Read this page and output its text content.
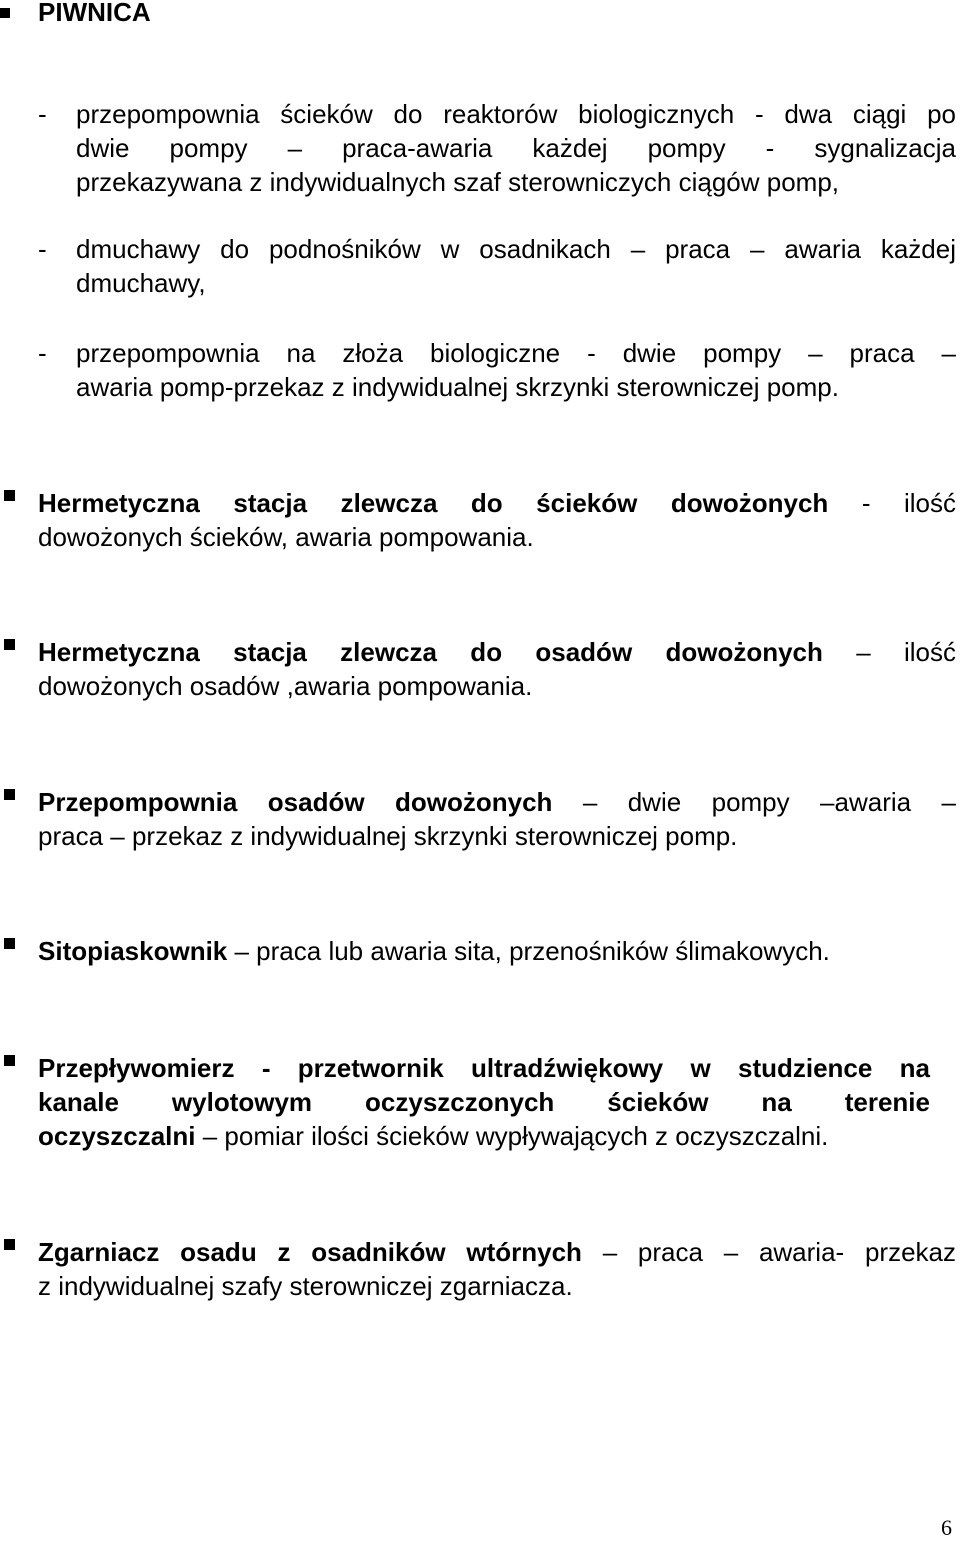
PIWNICA
- przepompownia ścieków do reaktorów biologicznych - dwa ciągi po
dwie pompy – praca-awaria każdej pompy - sygnalizacja
przekazywana z indywidualnych szaf sterowniczych ciągów pomp,
- dmuchawy do podnośników w osadnikach – praca – awaria każdej
dmuchawy,
- przepompownia na złoża biologiczne - dwie pompy – praca –
awaria pomp-przekaz z indywidualnej skrzynki sterowniczej pomp.
Hermetyczna stacja zlewcza do ścieków dowożonych - ilość
dowożonych ścieków, awaria pompowania.
Hermetyczna stacja zlewcza do osadów dowożonych – ilość
dowożonych osadów ,awaria pompowania.
Przepompownia osadów dowożonych – dwie pompy –awaria –
praca – przekaz z indywidualnej skrzynki sterowniczej pomp.
Sitopiaskownik – praca lub awaria sita, przenośników ślimakowych.
Przepływomierz - przetwornik ultradźwiękowy w studzience na
kanale wylotowym oczyszczonych ścieków na terenie
oczyszczalni – pomiar ilości ścieków wypływających z oczyszczalni.
Zgarniacz osadu z osadników wtórnych – praca – awaria- przekaz
z indywidualnej szafy sterowniczej zgarniacza.
6
